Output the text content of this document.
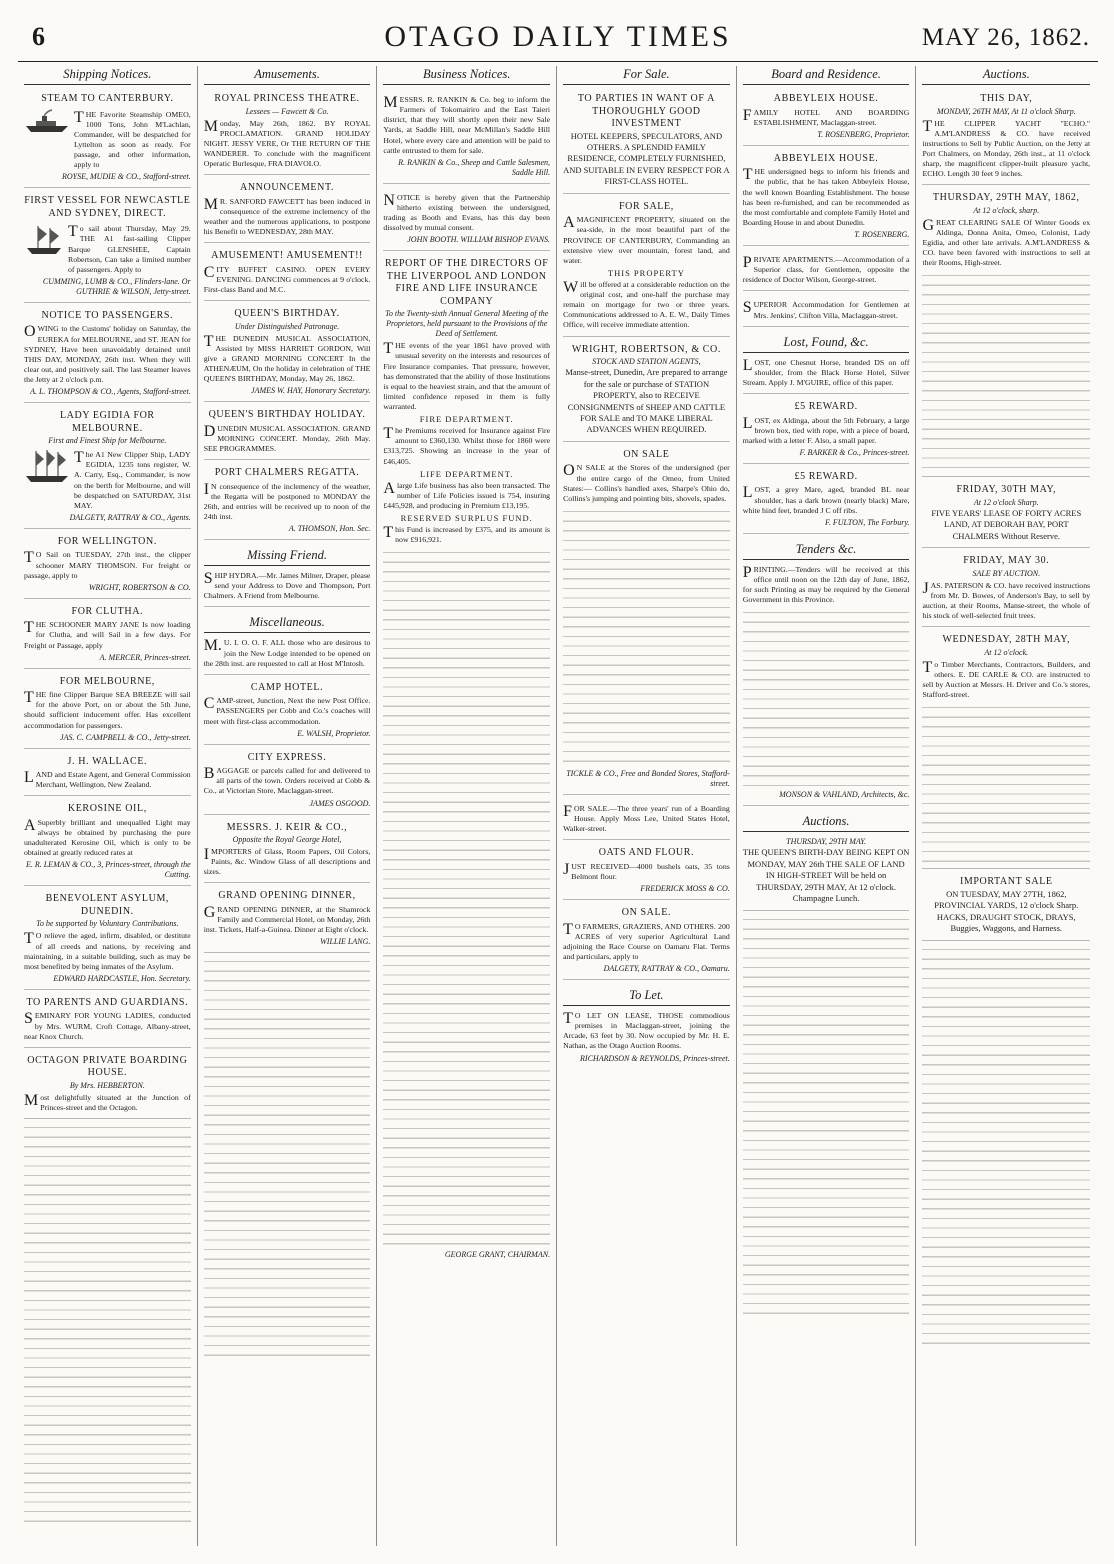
6	OTAGO DAILY TIMES	MAY 26, 1862.
Shipping Notices.
STEAM TO CANTERBURY.
THE Favorite Steamship OMEO, 1000 Tons, John M'Lachlan, Commander, will be despatched for Lyttelton as soon as ready. For passage, and other information, apply to
ROYSE, MUDIE & CO., Stafford-street.
FIRST VESSEL FOR NEWCASTLE AND SYDNEY, DIRECT.
To sail about Thursday, May 29. THE A1 fast-sailing Clipper Barque GLENSHEE, Captain Robertson, Can take a limited number of passengers. Apply to
CUMMING, LUMB & CO., Flinders-lane. Or GUTHRIE & WILSON, Jetty-street.
NOTICE TO PASSENGERS.
OWING to the Customs' holiday on Saturday, the EUREKA for MELBOURNE, and ST. JEAN for SYDNEY, Have been unavoidably detained until THIS DAY, MONDAY, 26th inst. When they will clear out, and positively sail. The last Steamer leaves the Jetty at 2 o'clock p.m.
A. L. THOMPSON & CO., Agents, Stafford-street.
LADY EGIDIA FOR MELBOURNE.
First and Finest Ship for Melbourne.
The A1 New Clipper Ship, LADY EGIDIA, 1235 tons register, W. A. Carry, Esq., Commander, is now on the berth for Melbourne, and will be despatched on SATURDAY, 31st MAY.
DALGETY, RATTRAY & CO., Agents.
FOR WELLINGTON.
TO Sail on TUESDAY, 27th inst., the clipper schooner MARY THOMSON. For freight or passage, apply to
WRIGHT, ROBERTSON & CO.
FOR CLUTHA.
THE SCHOONER MARY JANE Is now loading for Clutha, and will Sail in a few days. For Freight or Passage, apply
A. MERCER, Princes-street.
FOR MELBOURNE,
THE fine Clipper Barque SEA BREEZE will sail for the above Port, on or about the 5th June, should sufficient inducement offer. Has excellent accommodation for passengers.
JAS. C. CAMPBELL & CO., Jetty-street.
J. H. WALLACE.
LAND and Estate Agent, and General Commission Merchant, Wellington, New Zealand.
KEROSINE OIL,
ASuperbly brilliant and unequalled Light may always be obtained by purchasing the pure unadulterated Kerosine Oil, which is only to be obtained at greatly reduced rates at
E. R. LEMAN & CO., 3, Princes-street, through the Cutting.
BENEVOLENT ASYLUM, DUNEDIN.
To be supported by Voluntary Contributions.
TO relieve the aged, infirm, disabled, or destitute of all creeds and nations, by receiving and maintaining, in a suitable building, such as may be most benefited by being inmates of the Asylum.
EDWARD HARDCASTLE, Hon. Secretary.
TO PARENTS AND GUARDIANS.
SEMINARY FOR YOUNG LADIES, conducted by Mrs. WURM, Croft Cottage, Albany-street, near Knox Church.
OCTAGON PRIVATE BOARDING HOUSE.
By Mrs. HEBBERTON.
Most delightfully situated at the Junction of Princes-street and the Octagon.
Amusements.
ROYAL PRINCESS THEATRE.
Lessees — Fawcett & Co.
Monday, May 26th, 1862. BY ROYAL PROCLAMATION. GRAND HOLIDAY NIGHT. JESSY VERE, Or THE RETURN OF THE WANDERER. To conclude with the magnificent Operatic Burlesque, FRA DIAVOLO.
ANNOUNCEMENT.
MR. SANFORD FAWCETT has been induced in consequence of the extreme inclemency of the weather and the numerous applications, to postpone his Benefit to WEDNESDAY, 28th MAY.
AMUSEMENT! AMUSEMENT!!
CITY BUFFET CASINO. OPEN EVERY EVENING. DANCING commences at 9 o'clock. First-class Band and M.C.
QUEEN'S BIRTHDAY.
Under Distinguished Patronage.
THE DUNEDIN MUSICAL ASSOCIATION, Assisted by MISS HARRIET GORDON, Will give a GRAND MORNING CONCERT In the ATHENÆUM, On the holiday in celebration of THE QUEEN'S BIRTHDAY, Monday, May 26, 1862.
JAMES W. HAY, Honorary Secretary.
QUEEN'S BIRTHDAY HOLIDAY.
DUNEDIN MUSICAL ASSOCIATION. GRAND MORNING CONCERT. Monday, 26th May. SEE PROGRAMMES.
PORT CHALMERS REGATTA.
IN consequence of the inclemency of the weather, the Regatta will be postponed to MONDAY the 26th, and entries will be received up to noon of the 24th inst.
A. THOMSON, Hon. Sec.
Missing Friend.
SHIP HYDRA.—Mr. James Milner, Draper, please send your Address to Dove and Thompson, Port Chalmers. A Friend from Melbourne.
Miscellaneous.
M.U. I. O. O. F. ALL those who are desirous to join the New Lodge intended to be opened on the 28th inst. are requested to call at Host M'Intosh.
CAMP HOTEL.
CAMP-street, Junction, Next the new Post Office. PASSENGERS per Cobb and Co.'s coaches will meet with first-class accommodation.
E. WALSH, Proprietor.
CITY EXPRESS.
BAGGAGE or parcels called for and delivered to all parts of the town. Orders received at Cobb & Co., at Victorian Store, Maclaggan-street.
JAMES OSGOOD.
MESSRS. J. KEIR & CO.,
Opposite the Royal George Hotel,
IMPORTERS of Glass, Room Papers, Oil Colors, Paints, &c. Window Glass of all descriptions and sizes.
GRAND OPENING DINNER,
GRAND OPENING DINNER, at the Shamrock Family and Commercial Hotel, on Monday, 26th inst. Tickets, Half-a-Guinea. Dinner at Eight o'clock.
WILLIE LANG.
Business Notices.
MESSRS. R. RANKIN & Co. beg to inform the Farmers of Tokomairiro and the East Taieri district, that they will shortly open their new Sale Yards, at Saddle Hill, near McMillan's Saddle Hill Hotel, where every care and attention will be paid to cattle entrusted to them for sale.
R. RANKIN & Co., Sheep and Cattle Salesmen, Saddle Hill.
NOTICE is hereby given that the Partnership hitherto existing between the undersigned, trading as Booth and Evans, has this day been dissolved by mutual consent.
JOHN BOOTH. WILLIAM BISHOP EVANS.
REPORT OF THE DIRECTORS OF THE LIVERPOOL AND LONDON FIRE AND LIFE INSURANCE COMPANY
To the Twenty-sixth Annual General Meeting of the Proprietors, held pursuant to the Provisions of the Deed of Settlement.
THE events of the year 1861 have proved with unusual severity on the interests and resources of Fire Insurance companies. That pressure, however, has demonstrated that the ability of those Institutions is equal to the heaviest strain, and that the amount of limited confidence reposed in them is fully warranted.
FIRE DEPARTMENT.
The Premiums received for Insurance against Fire amount to £360,130. Whilst those for 1860 were £313,725. Showing an increase in the year of £46,405.
LIFE DEPARTMENT.
Alarge Life business has also been transacted. The number of Life Policies issued is 754, insuring £445,928, and producing in Premium £13,195.
RESERVED SURPLUS FUND.
This Fund is increased by £375, and its amount is now £916,921.
GEORGE GRANT, CHAIRMAN.
For Sale.
TO PARTIES IN WANT OF A THOROUGHLY GOOD INVESTMENT
HOTEL KEEPERS, SPECULATORS, AND OTHERS. A SPLENDID FAMILY RESIDENCE, COMPLETELY FURNISHED, AND SUITABLE IN EVERY RESPECT FOR A FIRST-CLASS HOTEL.
FOR SALE,
AMAGNIFICENT PROPERTY, situated on the sea-side, in the most beautiful part of the PROVINCE OF CANTERBURY, Commanding an extensive view over mountain, forest land, and water.
THIS PROPERTY
Will be offered at a considerable reduction on the original cost, and one-half the purchase may remain on mortgage for two or three years. Communications addressed to A. E. W., Daily Times Office, will receive immediate attention.
WRIGHT, ROBERTSON, & CO.
STOCK AND STATION AGENTS,
Manse-street, Dunedin, Are prepared to arrange for the sale or purchase of STATION PROPERTY, also to RECEIVE CONSIGNMENTS of SHEEP AND CATTLE FOR SALE and TO MAKE LIBERAL ADVANCES WHEN REQUIRED.
ON SALE
ON SALE at the Stores of the undersigned (per the entire cargo of the Omeo, from United States:— Collins's handled axes, Sharpe's Ohio do, Collins's jumping and pointing bits, shovels, spades.
TICKLE & CO., Free and Bonded Stores, Stafford-street.
FOR SALE.—The three years' run of a Boarding House. Apply Moss Lee, United States Hotel, Walker-street.
OATS AND FLOUR.
JUST RECEIVED—4000 bushels oats, 35 tons Belmont flour.
FREDERICK MOSS & CO.
ON SALE.
TO FARMERS, GRAZIERS, AND OTHERS. 200 ACRES of very superior Agricultural Land adjoining the Race Course on Oamaru Flat. Terms and particulars, apply to
DALGETY, RATTRAY & CO., Oamaru.
To Let.
TO LET ON LEASE, THOSE commodious premises in Maclaggan-street, joining the Arcade, 63 feet by 30. Now occupied by Mr. H. E. Nathan, as the Otago Auction Rooms.
RICHARDSON & REYNOLDS, Princes-street.
Board and Residence.
ABBEYLEIX HOUSE.
FAMILY HOTEL AND BOARDING ESTABLISHMENT, Maclaggan-street.
T. ROSENBERG, Proprietor.
ABBEYLEIX HOUSE.
THE undersigned begs to inform his friends and the public, that he has taken Abbeyleix House, the well known Boarding Establishment. The house has been re-furnished, and can be recommended as the most comfortable and complete Family Hotel and Boarding House in and about Dunedin.
T. ROSENBERG.
PRIVATE APARTMENTS.—Accommodation of a Superior class, for Gentlemen, opposite the residence of Doctor Wilson, George-street.
SUPERIOR Accommodation for Gentlemen at Mrs. Jenkins', Clifton Villa, Maclaggan-street.
Lost, Found, &c.
LOST, one Chesnut Horse, branded DS on off shoulder, from the Black Horse Hotel, Silver Stream. Apply J. M'GUIRE, office of this paper.
£5 REWARD.
LOST, ex Aldinga, about the 5th February, a large brown box, tied with rope, with a piece of board, marked with a letter F. Also, a small paper.
F. BARKER & Co., Princes-street.
£5 REWARD.
LOST, a grey Mare, aged, branded BL near shoulder, has a dark brown (nearly black) Mare, white hind feet, branded J C off ribs.
F. FULTON, The Forbury.
Tenders &c.
PRINTING.—Tenders will be received at this office until noon on the 12th day of June, 1862, for such Printing as may be required by the General Government in this Province.
MONSON & VAHLAND, Architects, &c.
Auctions.
THURSDAY, 29TH MAY.
THE QUEEN'S BIRTH-DAY BEING KEPT ON MONDAY, MAY 26th THE SALE OF LAND IN HIGH-STREET Will be held on THURSDAY, 29TH MAY, At 12 o'clock. Champagne Lunch.
Auctions.
THIS DAY,
MONDAY, 26TH MAY, At 11 o'clock Sharp.
THE CLIPPER YACHT "ECHO." A.M'LANDRESS & CO. have received instructions to Sell by Public Auction, on the Jetty at Port Chalmers, on Monday, 26th inst., at 11 o'clock sharp, the magnificent clipper-built pleasure yacht, ECHO. Length 30 feet 9 inches.
THURSDAY, 29TH MAY, 1862,
At 12 o'clock, sharp.
GREAT CLEARING SALE Of Winter Goods ex Aldinga, Donna Anita, Omeo, Colonist, Lady Egidia, and other late arrivals. A.M'LANDRESS & CO. have been favored with instructions to sell at their Rooms, High-street.
FRIDAY, 30TH MAY,
At 12 o'clock Sharp.
FIVE YEARS' LEASE OF FORTY ACRES LAND, AT DEBORAH BAY, PORT CHALMERS Without Reserve.
FRIDAY, MAY 30.
SALE BY AUCTION.
JAS. PATERSON & CO. have received instructions from Mr. D. Bowes, of Anderson's Bay, to sell by auction, at their Rooms, Manse-street, the whole of his stock of well-selected fruit trees.
WEDNESDAY, 28TH MAY,
At 12 o'clock.
To Timber Merchants, Contractors, Builders, and others. E. DE CARLE & CO. are instructed to sell by Auction at Messrs. H. Driver and Co.'s stores, Stafford-street.
IMPORTANT SALE
ON TUESDAY, MAY 27TH, 1862, PROVINCIAL YARDS, 12 o'clock Sharp. HACKS, DRAUGHT STOCK, DRAYS, Buggies, Waggons, and Harness.
